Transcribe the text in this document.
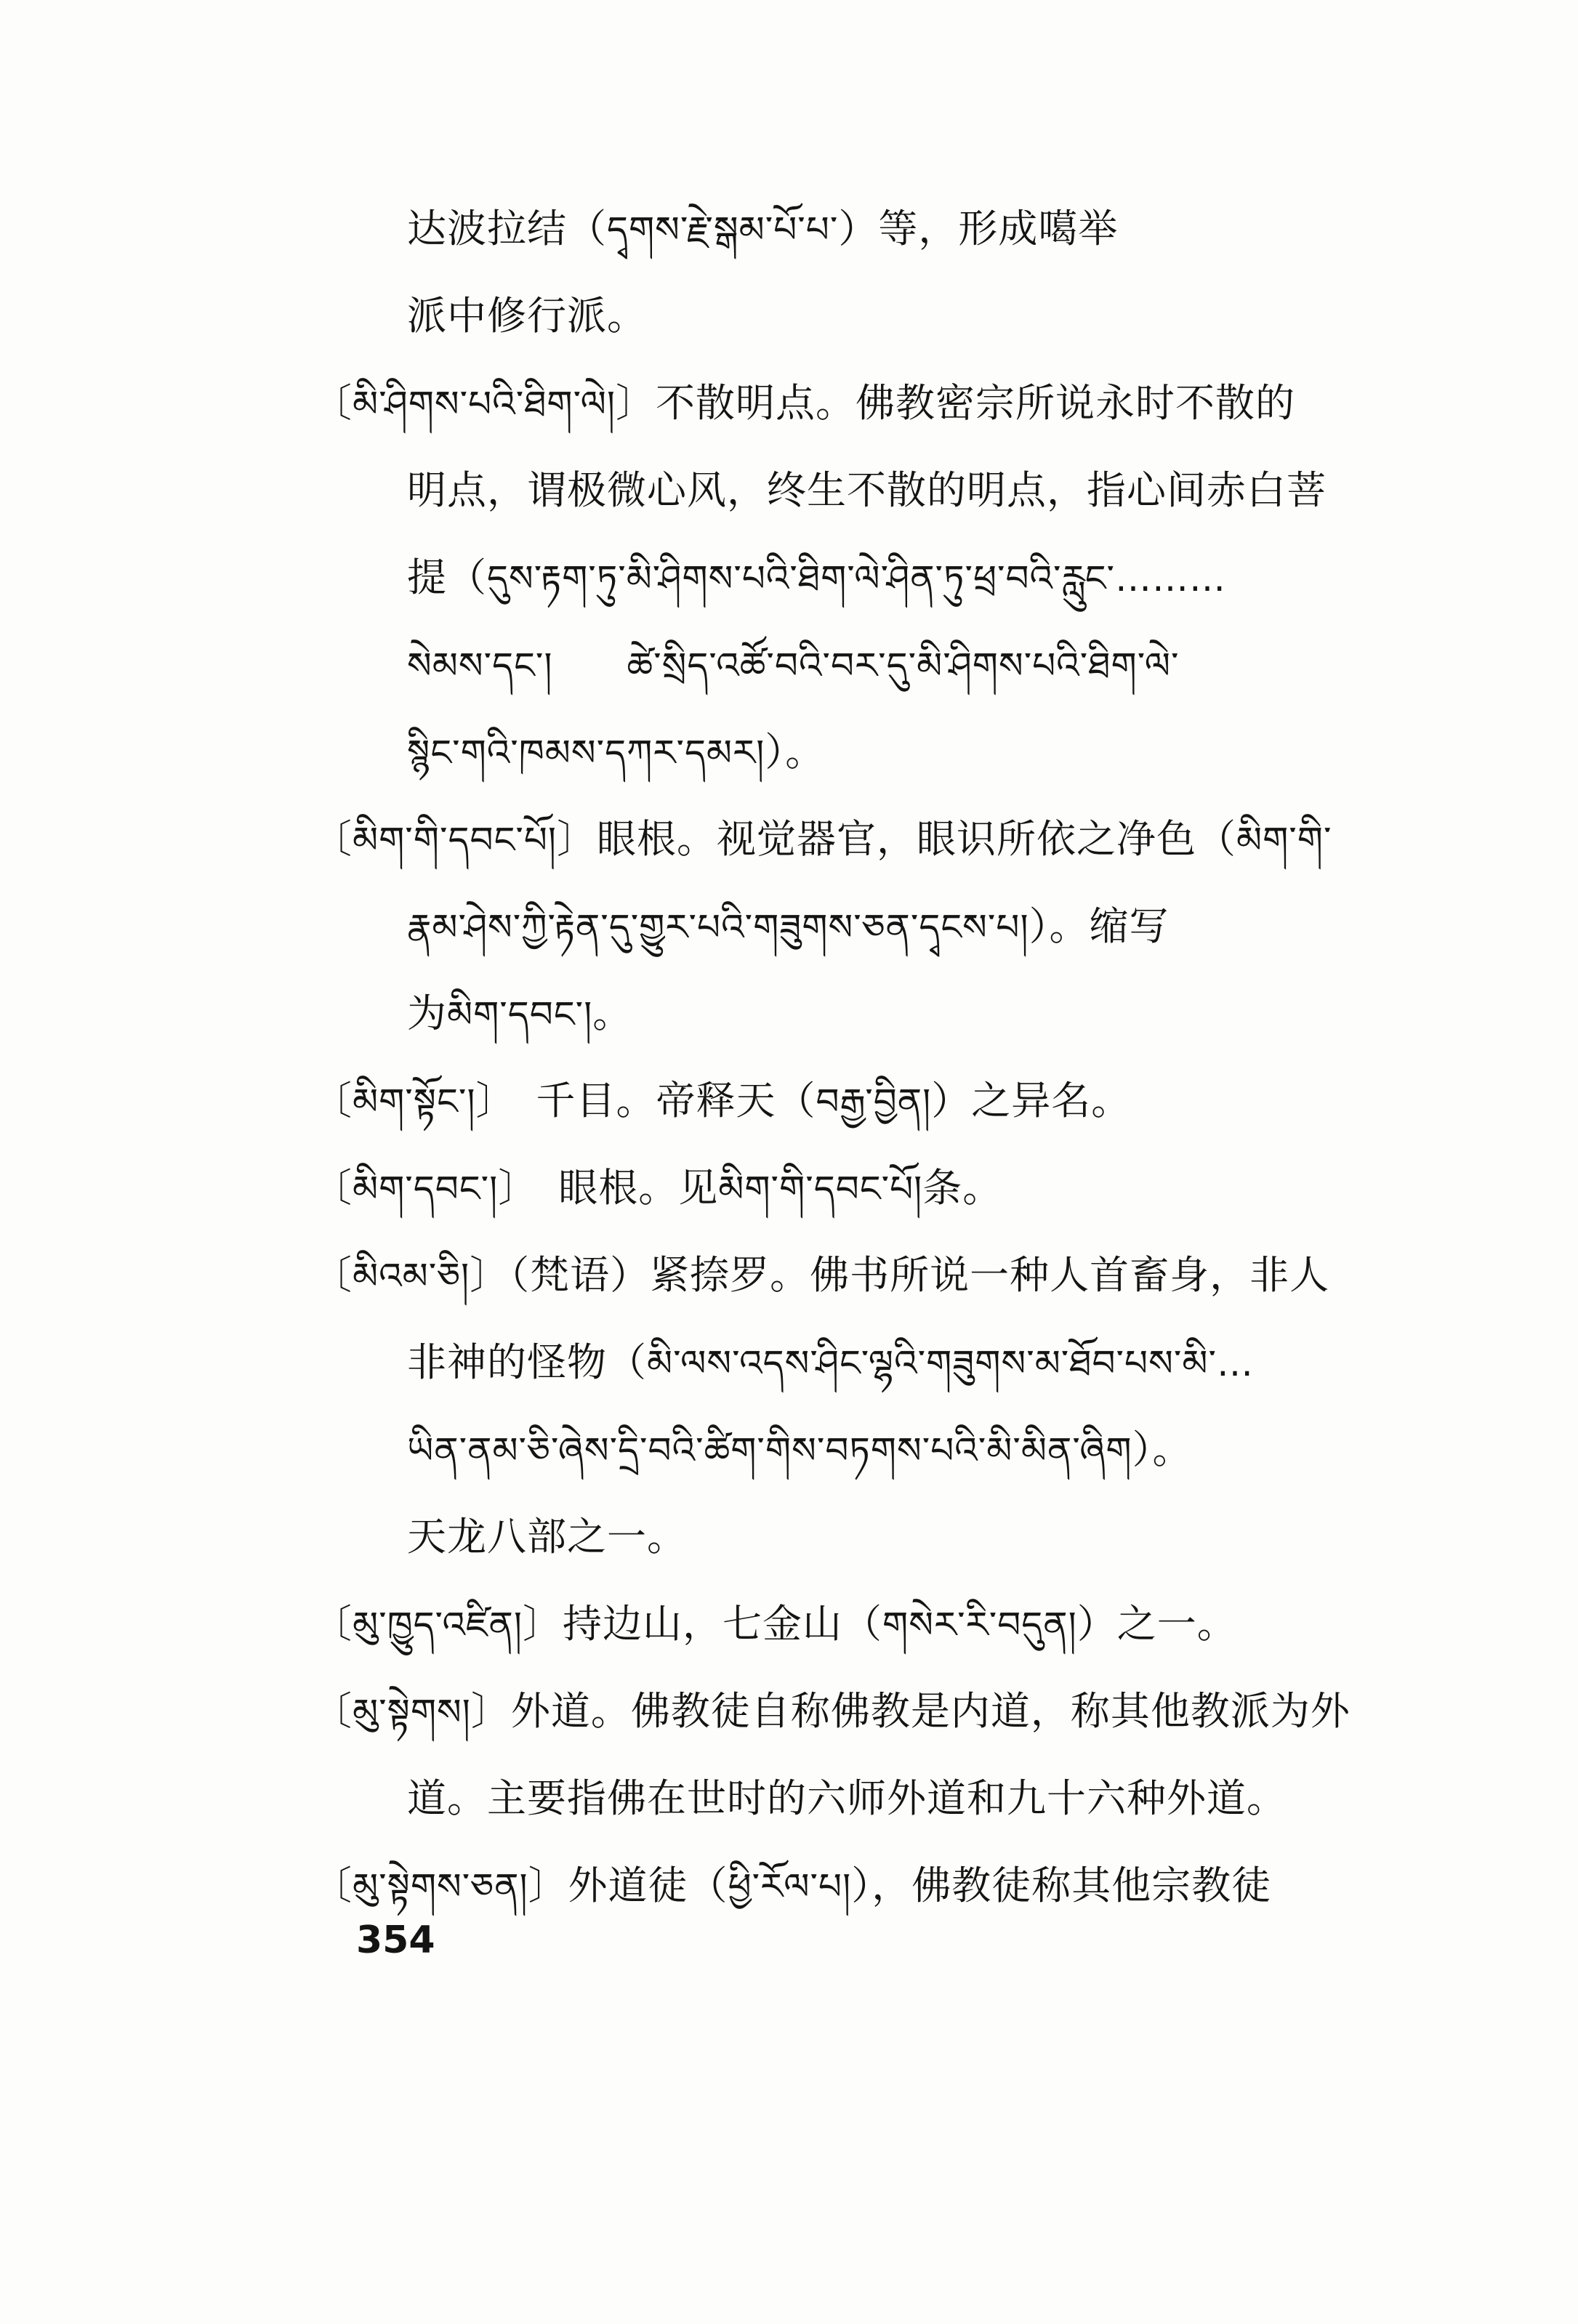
达波拉结（དྭགས་རྗེ་སྒམ་པོ་པ་）等，形成噶举
派中修行派。
〔མི་ཤིགས་པའི་ཐིག་ལེ།〕不散明点。佛教密宗所说永时不散的
明点，谓极微心风，终生不散的明点，指心间赤白菩
提（དུས་རྟག་ཏུ་མི་ཤིགས་པའི་ཐིག་ལེ་ཤིན་ཏུ་ཕྲ་བའི་རླུང་………
སེམས་དང་།　　ཚེ་སྲིད་འཚོ་བའི་བར་དུ་མི་ཤིགས་པའི་ཐིག་ལེ་
སྙིང་གའི་ཁམས་དཀར་དམར།）。
〔མིག་གི་དབང་པོ།〕眼根。视觉器官，眼识所依之净色（མིག་གི་
རྣམ་ཤེས་ཀྱི་རྟེན་དུ་གྱུར་པའི་གཟུགས་ཅན་དྭངས་པ།）。缩写
为མིག་དབང་།。
〔མིག་སྟོང་།〕　千目。帝释天（བརྒྱ་བྱིན།）之异名。
〔མིག་དབང་།〕　眼根。见མིག་གི་དབང་པོ།条。
〔མིའམ་ཅི།〕（梵语）紧捺罗。佛书所说一种人首畜身，非人
非神的怪物（མི་ལས་འདས་ཤིང་ལྷའི་གཟུགས་མ་ཐོབ་པས་མི་…
ཡིན་ནམ་ཅི་ཞེས་དྲི་བའི་ཚིག་གིས་བཏགས་པའི་མི་མིན་ཞིག）。
天龙八部之一。
〔མུ་ཁྱུད་འཛིན།〕持边山，七金山（གསེར་རི་བདུན།）之一。
〔མུ་སྟེགས།〕外道。佛教徒自称佛教是内道，称其他教派为外
道。主要指佛在世时的六师外道和九十六种外道。
〔མུ་སྟེགས་ཅན།〕外道徒（ཕྱི་རོལ་པ།），佛教徒称其他宗教徒
354
